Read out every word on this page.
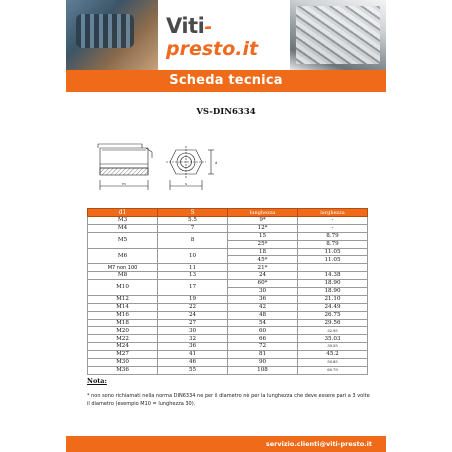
Viti-presto.it
Scheda tecnica
VS-DIN6334
m	s
d
d1	S	lunghezza	larghezza
M3	5.5	9*	-
M4	7	12*	-
M5	8	15	8.79
		25*	8.79
M6	10	18	11.05
		45*	11.05
M7 non 100	11	21*	
M8	13	24	14.38
M10	17	60*	18.90
		30	18.90
M12	19	36	21.10
M14	22	42	24.49
M16	24	48	26.75
M18	27	54	29.56
M20	30	60	32.95
M22	32	66	35.03
M24	36	72	39.55
M27	41	81	45.2
M30	46	90	50.85
M36	55	108	60.79
Nota:
* non sono richiamati nella norma DIN6334 ne per il diametro nè per la lunghezza che deve essere pari a 3 volte il diametro (esempio M10 = lunghezza 30).
servizio.clienti@viti-presto.it
